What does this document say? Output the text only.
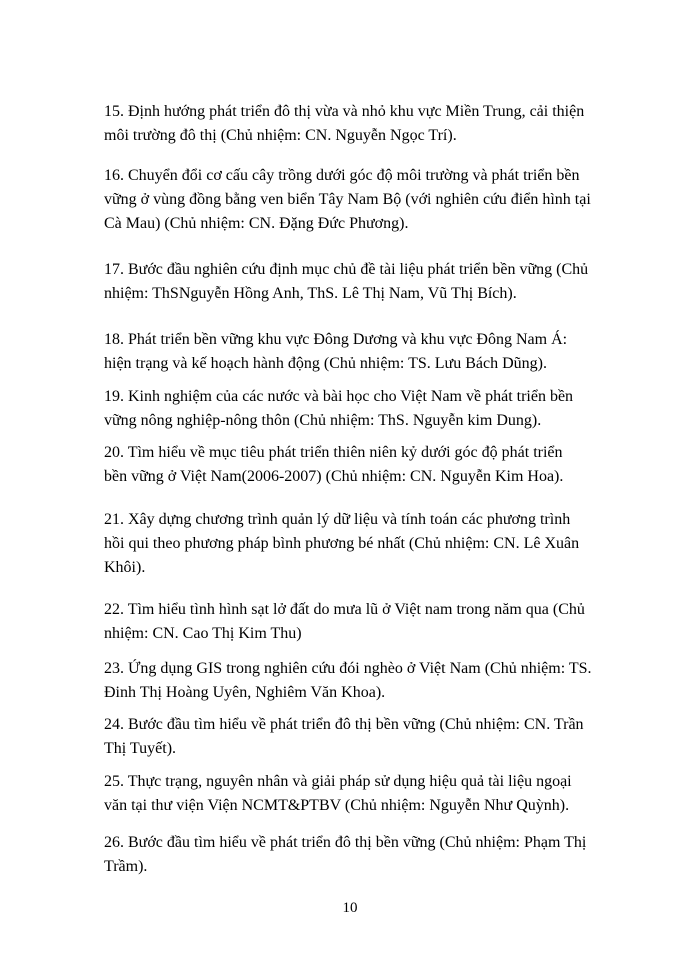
15. Định hướng phát triển đô thị vừa và nhỏ khu vực Miền Trung, cải thiện
môi trường đô thị (Chủ nhiệm: CN. Nguyễn Ngọc Trí).

16. Chuyển đổi cơ cấu cây trồng dưới góc độ môi trường và phát triển bền
vững ở vùng đồng bằng ven biển Tây Nam Bộ (với nghiên cứu điển hình tại
Cà Mau) (Chủ nhiệm: CN. Đặng Đức Phương).

17. Bước đầu nghiên cứu định mục chủ đề tài liệu phát triển bền vững (Chủ
nhiệm: ThSNguyễn Hồng Anh, ThS. Lê Thị Nam, Vũ Thị Bích).

18. Phát triển bền vững khu vực Đông Dương và khu vực Đông Nam Á:
hiện trạng và kế hoạch hành động (Chủ nhiệm: TS. Lưu Bách Dũng).

19. Kinh nghiệm của các nước và bài học cho Việt Nam về phát triển bền
vững nông nghiệp-nông thôn (Chủ nhiệm: ThS. Nguyễn kim Dung).

20. Tìm hiểu về mục tiêu phát triển thiên niên kỷ dưới góc độ phát triển
bền vững ở Việt Nam(2006-2007) (Chủ nhiệm: CN. Nguyễn Kim Hoa).

21. Xây dựng chương trình quản lý dữ liệu và tính toán các phương trình
hồi qui theo phương pháp bình phương bé nhất (Chủ nhiệm: CN. Lê Xuân
Khôi).

22. Tìm hiểu tình hình sạt lở đất do mưa lũ ở Việt nam trong năm qua (Chủ
nhiệm: CN. Cao Thị Kim Thu)

23. Ứng dụng GIS trong nghiên cứu đói nghèo ở Việt Nam (Chủ nhiệm: TS.
Đinh Thị Hoàng Uyên, Nghiêm Văn Khoa).

24. Bước đầu tìm hiểu về phát triển đô thị bền vững (Chủ nhiệm: CN. Trần
Thị Tuyết).

25. Thực trạng, nguyên nhân và giải pháp sử dụng hiệu quả tài liệu ngoại
văn tại thư viện Viện NCMT&PTBV (Chủ nhiệm: Nguyễn Như Quỳnh).

26. Bước đầu tìm hiểu về phát triển đô thị bền vững (Chủ nhiệm: Phạm Thị
Trầm).

10
